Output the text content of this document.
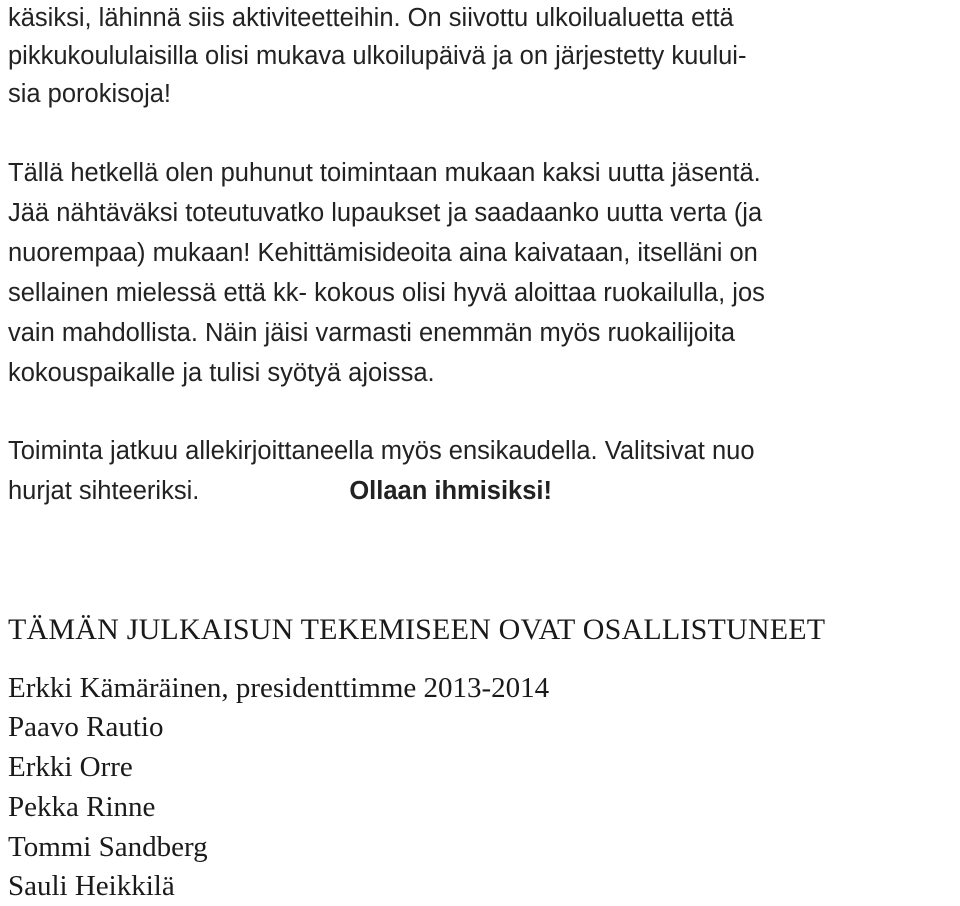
käsiksi, lähinnä siis aktiviteetteihin. On siivottu ulkoilualuetta että
pikkukoululaisilla olisi mukava ulkoilupäivä ja on järjestetty kuului-
sia porokisoja!
Tällä hetkellä olen puhunut toimintaan mukaan kaksi uutta jäsentä.
Jää nähtäväksi toteutuvatko lupaukset ja saadaanko uutta verta (ja
nuorempaa) mukaan! Kehittämisideoita aina kaivataan, itselläni on
sellainen mielessä että kk- kokous olisi hyvä aloittaa ruokailulla, jos
vain mahdollista. Näin jäisi varmasti enemmän myös ruokailijoita
kokouspaikalle ja tulisi syötyä ajoissa.
Toiminta jatkuu allekirjoittaneella myös ensikaudella. Valitsivat nuo
hurjat sihteeriksi.	Ollaan ihmisiksi!
TÄMÄN JULKAISUN TEKEMISEEN OVAT OSALLISTUNEET
Erkki Kämäräinen, presidenttimme 2013-2014
Paavo Rautio
Erkki Orre
Pekka Rinne
Tommi Sandberg
Sauli Heikkilä
